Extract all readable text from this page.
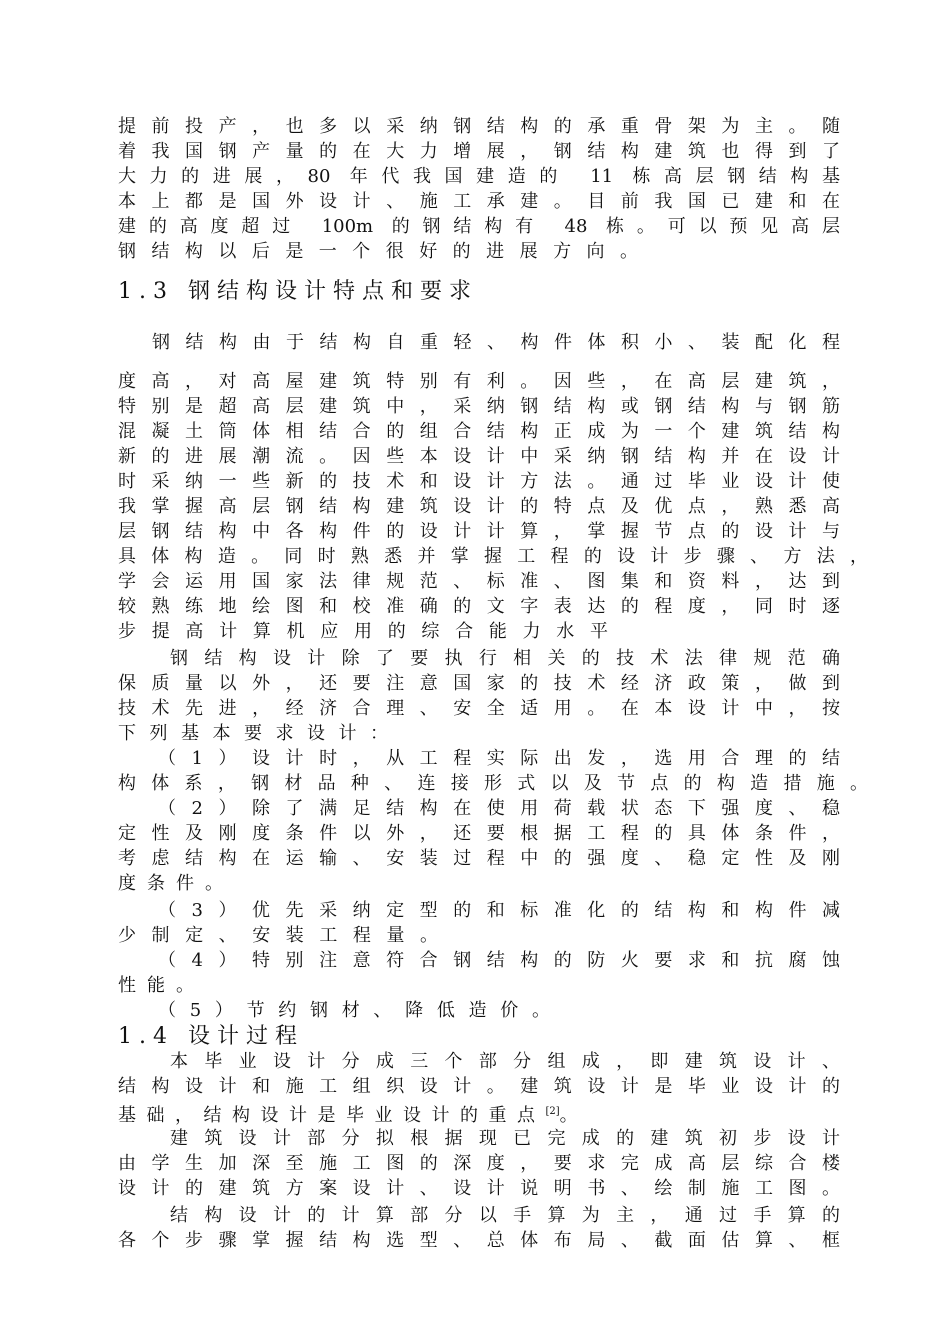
提前投产，也多以采纳钢结构的承重骨架为主。随
着我国钢产量的在大力增展，钢结构建筑也得到了
大力的进展，80 年代我国建造的 11 栋高层钢结构基
本上都是国外设计、施工承建。目前我国已建和在
建的高度超过 100m 的钢结构有 48 栋。可以预见高层
钢结构以后是一个很好的进展方向。
1.3 钢结构设计特点和要求
钢结构由于结构自重轻、构件体积小、装配化程
度高，对高屋建筑特别有利。因些，在高层建筑，
特别是超高层建筑中，采纳钢结构或钢结构与钢筋
混凝土筒体相结合的组合结构正成为一个建筑结构
新的进展潮流。因些本设计中采纳钢结构并在设计
时采纳一些新的技术和设计方法。通过毕业设计使
我掌握高层钢结构建筑设计的特点及优点，熟悉高
层钢结构中各构件的设计计算，掌握节点的设计与
具体构造。同时熟悉并掌握工程的设计步骤、方法，
学会运用国家法律规范、标准、图集和资料，达到
较熟练地绘图和校准确的文字表达的程度，同时逐
步提高计算机应用的综合能力水平
钢结构设计除了要执行相关的技术法律规范确
保质量以外，还要注意国家的技术经济政策，做到
技术先进，经济合理、安全适用。在本设计中，按
下列基本要求设计：
（1）设计时，从工程实际出发，选用合理的结
构体系，钢材品种、连接形式以及节点的构造措施。
（2）除了满足结构在使用荷载状态下强度、稳
定性及刚度条件以外，还要根据工程的具体条件，
考虑结构在运输、安装过程中的强度、稳定性及刚
度条件。
（3）优先采纳定型的和标准化的结构和构件减
少制定、安装工程量。
（4）特别注意符合钢结构的防火要求和抗腐蚀
性能。
（5）节约钢材、降低造价。
1.4 设计过程
本毕业设计分成三个部分组成，即建筑设计、
结构设计和施工组织设计。建筑设计是毕业设计的
基础，结构设计是毕业设计的重点[2]。
建筑设计部分拟根据现已完成的建筑初步设计
由学生加深至施工图的深度，要求完成高层综合楼
设计的建筑方案设计、设计说明书、绘制施工图。
结构设计的计算部分以手算为主，通过手算的
各个步骤掌握结构选型、总体布局、截面估算、框
